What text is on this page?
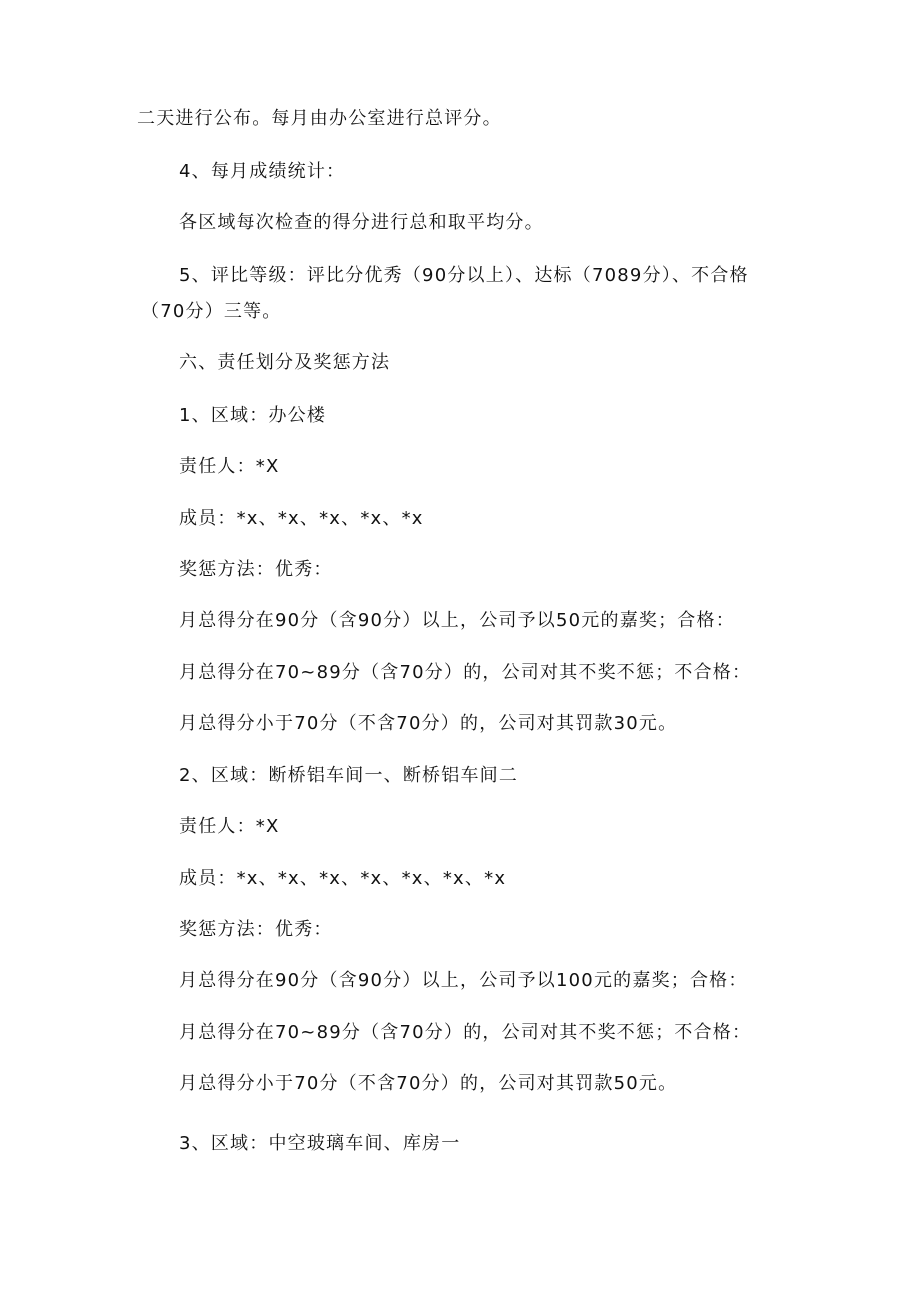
二天进行公布。每月由办公室进行总评分。
4、每月成绩统计：
各区域每次检查的得分进行总和取平均分。
5、评比等级：评比分优秀（90分以上）、达标（7089分）、不合格
（70分）三等。
六、责任划分及奖惩方法
1、区域：办公楼
责任人：*X
成员：*x、*x、*x、*x、*x
奖惩方法：优秀：
月总得分在90分（含90分）以上，公司予以50元的嘉奖；合格：
月总得分在70~89分（含70分）的，公司对其不奖不惩；不合格：
月总得分小于70分（不含70分）的，公司对其罚款30元。
2、区域：断桥铝车间一、断桥铝车间二
责任人：*X
成员：*x、*x、*x、*x、*x、*x、*x
奖惩方法：优秀：
月总得分在90分（含90分）以上，公司予以100元的嘉奖；合格：
月总得分在70~89分（含70分）的，公司对其不奖不惩；不合格：
月总得分小于70分（不含70分）的，公司对其罚款50元。
3、区域：中空玻璃车间、库房一
